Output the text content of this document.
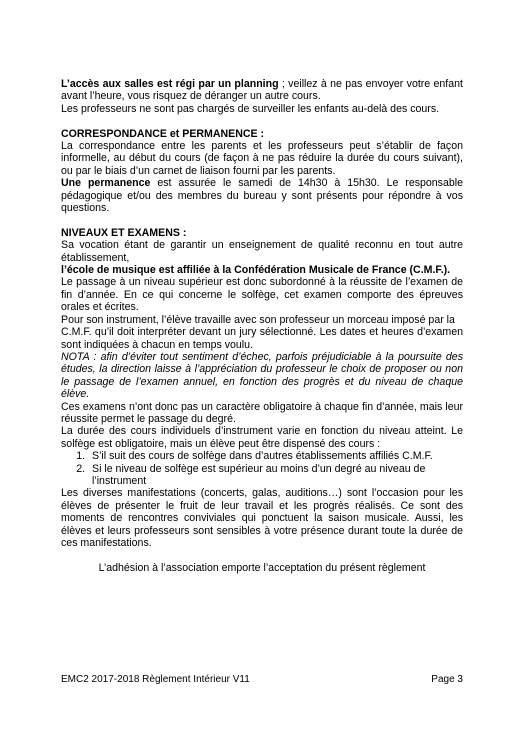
L’accès aux salles est régi par un planning ; veillez à ne pas envoyer votre enfant avant l’heure, vous risquez de déranger un autre cours.

Les professeurs ne sont pas chargés de surveiller les enfants au-delà des cours.

CORRESPONDANCE et PERMANENCE :

La correspondance entre les parents et les professeurs peut s’établir de façon informelle, au début du cours (de façon à ne pas réduire la durée du cours suivant), ou par le biais d’un carnet de liaison fourni par les parents.

Une permanence est assurée le samedi de 14h30 à 15h30. Le responsable pédagogique et/ou des membres du bureau y sont présents pour répondre à vos questions.

NIVEAUX ET EXAMENS :

Sa vocation étant de garantir un enseignement de qualité reconnu en tout autre établissement,
l’école de musique est affiliée à la Confédération Musicale de France (C.M.F.).

Le passage à un niveau supérieur est donc subordonné à la réussite de l’examen de fin d’année. En ce qui concerne le solfège, cet examen comporte des épreuves orales et écrites.

Pour son instrument, l’élève travaille avec son professeur un morceau imposé par la

C.M.F. qu’il doit interpréter devant un jury sélectionné. Les dates et heures d’examen sont indiquées à chacun en temps voulu.

NOTA : afin d’éviter tout sentiment d’échec, parfois préjudiciable à la poursuite des études, la direction laisse à l’appréciation du professeur le choix de proposer ou non le passage de l’examen annuel, en fonction des progrès et du niveau de chaque élève.

Ces examens n’ont donc pas un caractère obligatoire à chaque fin d’année, mais leur réussite permet le passage du degré.

La durée des cours individuels d’instrument varie en fonction du niveau atteint. Le solfège est obligatoire, mais un élève peut être dispensé des cours :

1. S’il suit des cours de solfège dans d’autres établissements affiliés C.M.F.
2. Si le niveau de solfège est supérieur au moins d’un degré au niveau de l’instrument

Les diverses manifestations (concerts, galas, auditions…) sont l’occasion pour les élèves de présenter le fruit de leur travail et les progrès réalisés. Ce sont des moments de rencontres conviviales qui ponctuent la saison musicale. Aussi, les élèves et leurs professeurs sont sensibles à votre présence durant toute la durée de ces manifestations.

L’adhésion à l’association emporte l’acceptation du présent règlement

EMC2 2017-2018 Règlement Intérieur V11	Page 3
